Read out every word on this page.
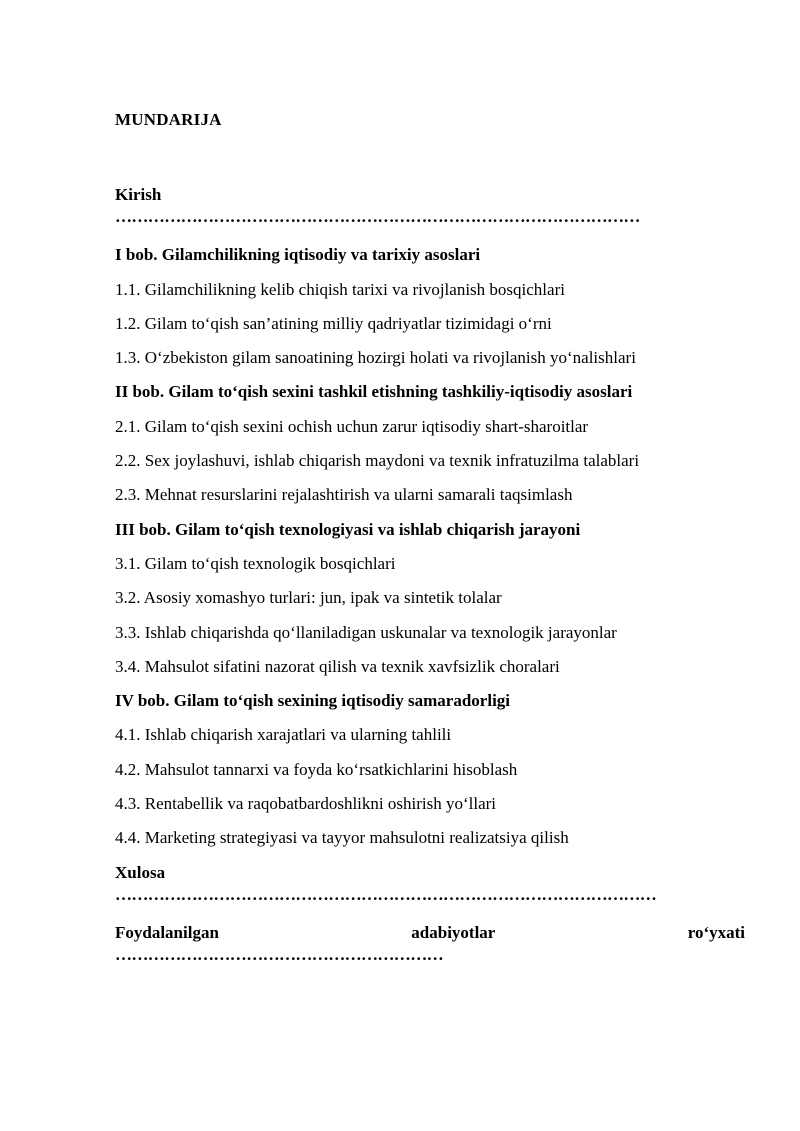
MUNDARIJA
Kirish
……………………………………………………………………………………
I bob. Gilamchilikning iqtisodiy va tarixiy asoslari
1.1. Gilamchilikning kelib chiqish tarixi va rivojlanish bosqichlari
1.2. Gilam to‘qish san’atining milliy qadriyatlar tizimidagi o‘rni
1.3. O‘zbekiston gilam sanoatining hozirgi holati va rivojlanish yo‘nalishlari
II bob. Gilam to‘qish sexini tashkil etishning tashkiliy-iqtisodiy asoslari
2.1. Gilam to‘qish sexini ochish uchun zarur iqtisodiy shart-sharoitlar
2.2. Sex joylashuvi, ishlab chiqarish maydoni va texnik infratuzilma talablari
2.3. Mehnat resurslarini rejalashtirish va ularni samarali taqsimlash
III bob. Gilam to‘qish texnologiyasi va ishlab chiqarish jarayoni
3.1. Gilam to‘qish texnologik bosqichlari
3.2. Asosiy xomashyo turlari: jun, ipak va sintetik tolalar
3.3. Ishlab chiqarishda qo‘llaniladigan uskunalar va texnologik jarayonlar
3.4. Mahsulot sifatini nazorat qilish va texnik xavfsizlik choralari
IV bob. Gilam to‘qish sexining iqtisodiy samaradorligi
4.1. Ishlab chiqarish xarajatlari va ularning tahlili
4.2. Mahsulot tannarxi va foyda ko‘rsatkichlarini hisoblash
4.3. Rentabellik va raqobatbardoshlikni oshirish yo‘llari
4.4. Marketing strategiyasi va tayyor mahsulotni realizatsiya qilish
Xulosa
………………………………………………………………………………………
Foydalanilgan	adabiyotlar	ro‘yxati
……………………………………………………
